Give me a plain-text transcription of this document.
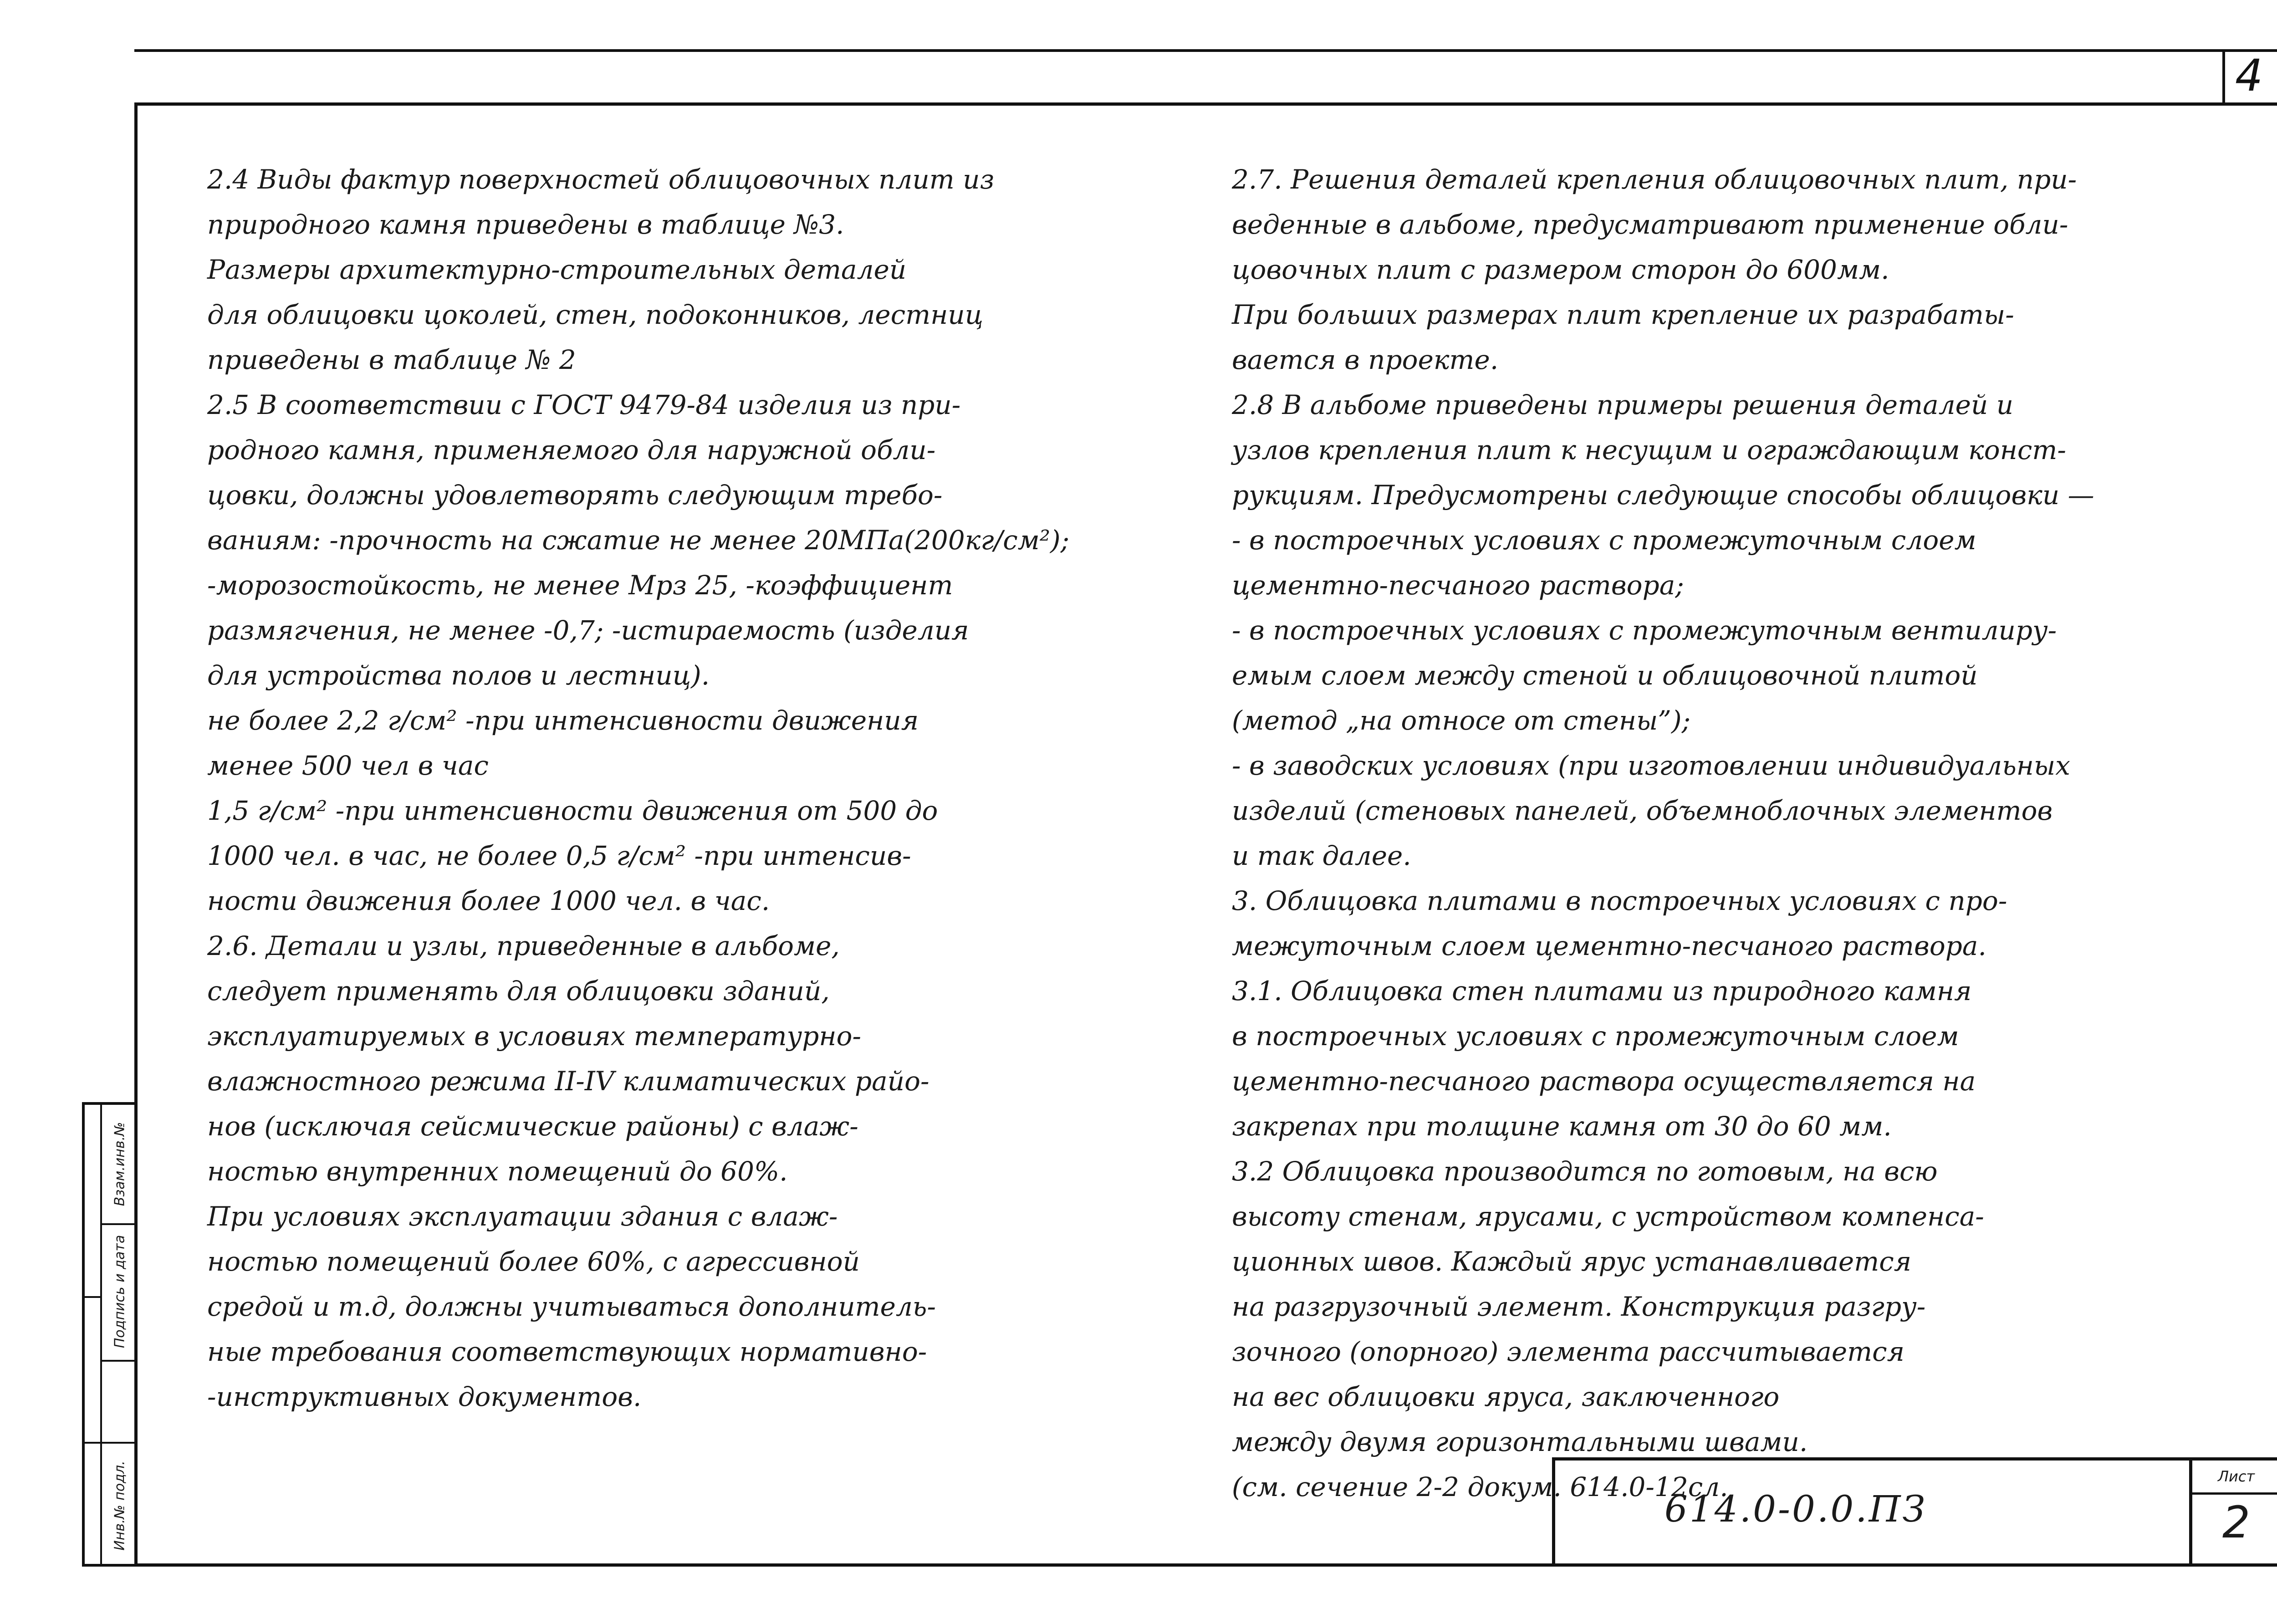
4

2.4 Виды фактур поверхностей облицовочных плит из

природного камня приведены в таблице №3.

Размеры архитектурно-строительных деталей

для облицовки цоколей, стен, подоконников, лестниц

приведены в таблице № 2

2.5 В соответствии с ГОСТ 9479-84 изделия из при-

родного камня, применяемого для наружной обли-

цовки, должны удовлетворять следующим требо-

ваниям: -прочность на сжатие не менее 20МПа(200кг/см²);

-морозостойкость, не менее Мрз 25, -коэффициент

размягчения, не менее -0,7; -истираемость (изделия

для устройства полов и лестниц).

не более 2,2 г/см² -при интенсивности движения

менее 500 чел в час

1,5 г/см² -при интенсивности движения от 500 до

1000 чел. в час, не более 0,5 г/см² -при интенсив-

ности движения более 1000 чел. в час.

2.6. Детали и узлы, приведенные в альбоме,

следует применять для облицовки зданий,

эксплуатируемых в условиях температурно-

влажностного режима II-IV климатических райо-

нов (исключая сейсмические районы) с влаж-

ностью внутренних помещений до 60%.

При условиях эксплуатации здания с влаж-

ностью помещений более 60%, с агрессивной

средой и т.д, должны учитываться дополнитель-

ные требования соответствующих нормативно-

-инструктивных документов.

2.7. Решения деталей крепления облицовочных плит, при-

веденные в альбоме, предусматривают применение обли-

цовочных плит с размером сторон до 600мм.

При больших размерах плит крепление их разрабаты-

вается в проекте.

2.8 В альбоме приведены примеры решения деталей и

узлов крепления плит к несущим и ограждающим конст-

рукциям. Предусмотрены следующие способы облицовки —

- в построечных условиях с промежуточным слоем

цементно-песчаного раствора;

- в построечных условиях с промежуточным вентилиру-

емым слоем между стеной и облицовочной плитой

(метод „на относе от стены”);

- в заводских условиях (при изготовлении индивидуальных

изделий (стеновых панелей, объемноблочных элементов

и так далее.

3. Облицовка плитами в построечных условиях с про-

межуточным слоем цементно-песчаного раствора.

3.1. Облицовка стен плитами из природного камня

в построечных условиях с промежуточным слоем

цементно-песчаного раствора осуществляется на

закрепах при толщине камня от 30 до 60 мм.

3.2 Облицовка производится по готовым, на всю

высоту стенам, ярусами, с устройством компенса-

ционных швов. Каждый ярус устанавливается

на разгрузочный элемент. Конструкция разгру-

зочного (опорного) элемента рассчитывается

на вес облицовки яруса, заключенного

между двумя горизонтальными швами.

(см. сечение 2-2 докум. 614.0-12сл.

614.0-0.0.ПЗ
Лист
2
Взам.инв.№
Подпись и дата
Инв.№ подл.
